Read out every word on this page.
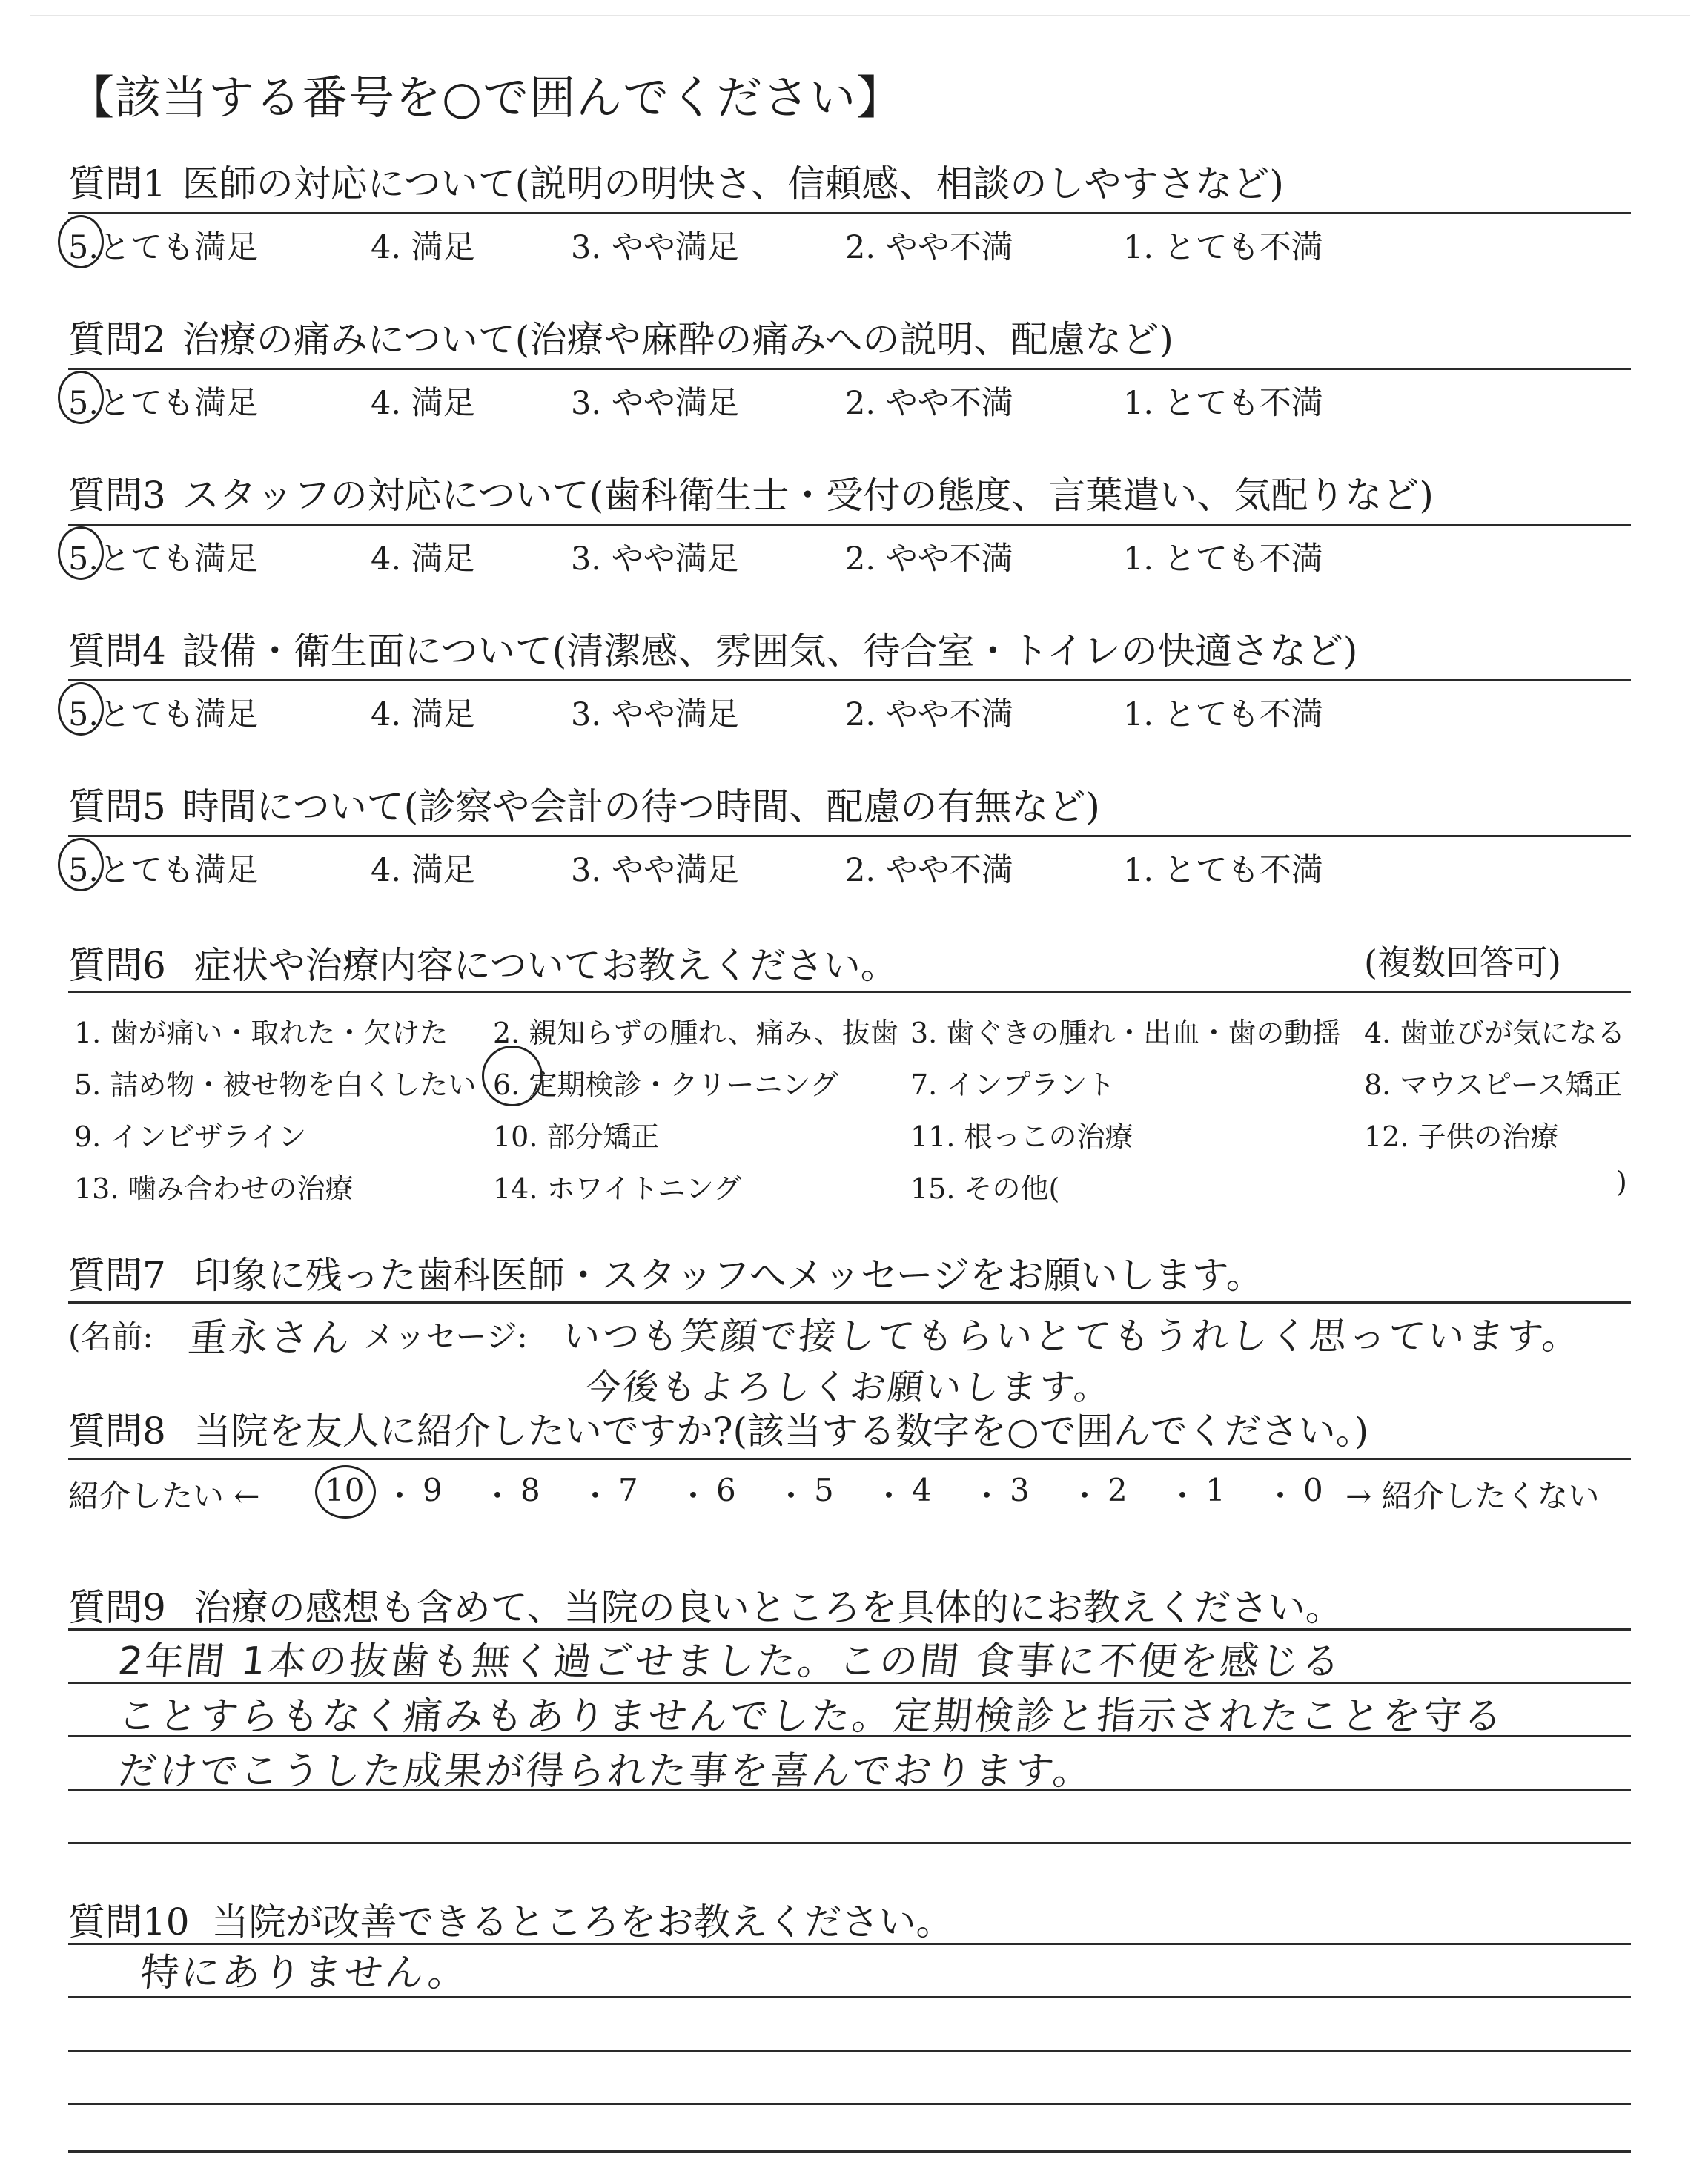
【該当する番号を○で囲んでください】
質問1 医師の対応について(説明の明快さ、信頼感、相談のしやすさなど)
5.とても満足	4. 満足	3. やや満足	2. やや不満	1. とても不満
質問2 治療の痛みについて(治療や麻酔の痛みへの説明、配慮など)
5.とても満足	4. 満足	3. やや満足	2. やや不満	1. とても不満
質問3 スタッフの対応について(歯科衛生士・受付の態度、言葉遣い、気配りなど)
5.とても満足	4. 満足	3. やや満足	2. やや不満	1. とても不満
質問4 設備・衛生面について(清潔感、雰囲気、待合室・トイレの快適さなど)
5.とても満足	4. 満足	3. やや満足	2. やや不満	1. とても不満
質問5 時間について(診察や会計の待つ時間、配慮の有無など)
5.とても満足	4. 満足	3. やや満足	2. やや不満	1. とても不満
質問6 症状や治療内容についてお教えください。	(複数回答可)
1. 歯が痛い・取れた・欠けた 2. 親知らずの腫れ、痛み、抜歯 3. 歯ぐきの腫れ・出血・歯の動揺 4. 歯並びが気になる
5. 詰め物・被せ物を白くしたい 6. 定期検診・クリーニング	7. インプラント	8. マウスピース矯正
9. インビザライン	10. 部分矯正	11. 根っこの治療	12. 子供の治療
13. 噛み合わせの治療	14. ホワイトニング	15. その他(	)
質問7 印象に残った歯科医師・スタッフへメッセージをお願いします。
(名前: 重永さん メッセージ: いつも笑顔で接してもらいとてもうれしく思っています。
今後もよろしくお願いします。
質問8 当院を友人に紹介したいですか?(該当する数字を○で囲んでください。)
紹介したい ← 10 ・ 9 ・ 8 ・ 7 ・ 6 ・ 5 ・ 4 ・ 3 ・ 2 ・ 1 ・ 0 → 紹介したくない
質問9 治療の感想も含めて、当院の良いところを具体的にお教えください。
2年間 1本の抜歯も無く過ごせました。この間 食事に不便を感じる
ことすらもなく痛みもありませんでした。定期検診と指示されたことを守る
だけでこうした成果が得られた事を喜んでおります。
質問10 当院が改善できるところをお教えください。
特にありません。
